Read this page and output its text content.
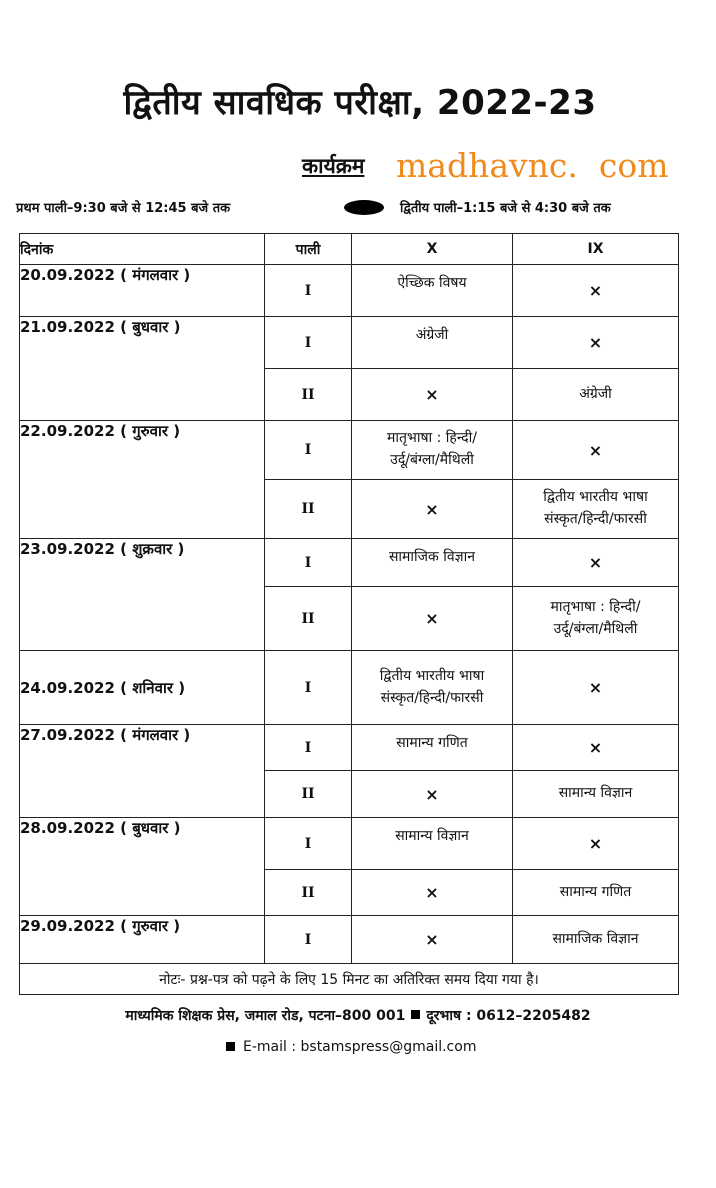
द्वितीय सावधिक परीक्षा, 2022-23
कार्यक्रम madhavnc.  com
प्रथम पाली–9:30 बजे से 12:45 बजे तक	द्वितीय पाली–1:15 बजे से 4:30 बजे तक
दिनांक	पाली	X	IX
20.09.2022 ( मंगलवार )	I	ऐच्छिक विषय	×
21.09.2022 ( बुधवार )	I	अंग्रेजी	×
	II	×	अंग्रेजी
22.09.2022 ( गुरुवार )	I	मातृभाषा : हिन्दी/
उर्दू/बंग्ला/मैथिली	×
	II	×	द्वितीय भारतीय भाषा
संस्कृत/हिन्दी/फारसी

23.09.2022 ( शुक्रवार )	I	सामाजिक विज्ञान	×
	II	×	मातृभाषा : हिन्दी/
उर्दू/बंग्ला/मैथिली

24.09.2022 ( शनिवार )	I	द्वितीय भारतीय भाषा
संस्कृत/हिन्दी/फारसी	×
27.09.2022 ( मंगलवार )	I	सामान्य गणित	×
	II	×	सामान्य विज्ञान
28.09.2022 ( बुधवार )	I	सामान्य विज्ञान	×
	II	×	सामान्य गणित
29.09.2022 ( गुरुवार )	I	×	सामाजिक विज्ञान
नोटः- प्रश्न-पत्र को पढ़ने के लिए 15 मिनट का अतिरिक्त समय दिया गया है।			
माध्यमिक शिक्षक प्रेस, जमाल रोड, पटना–800 001 दूरभाष : 0612–2205482
E-mail : bstamspress@gmail.com
